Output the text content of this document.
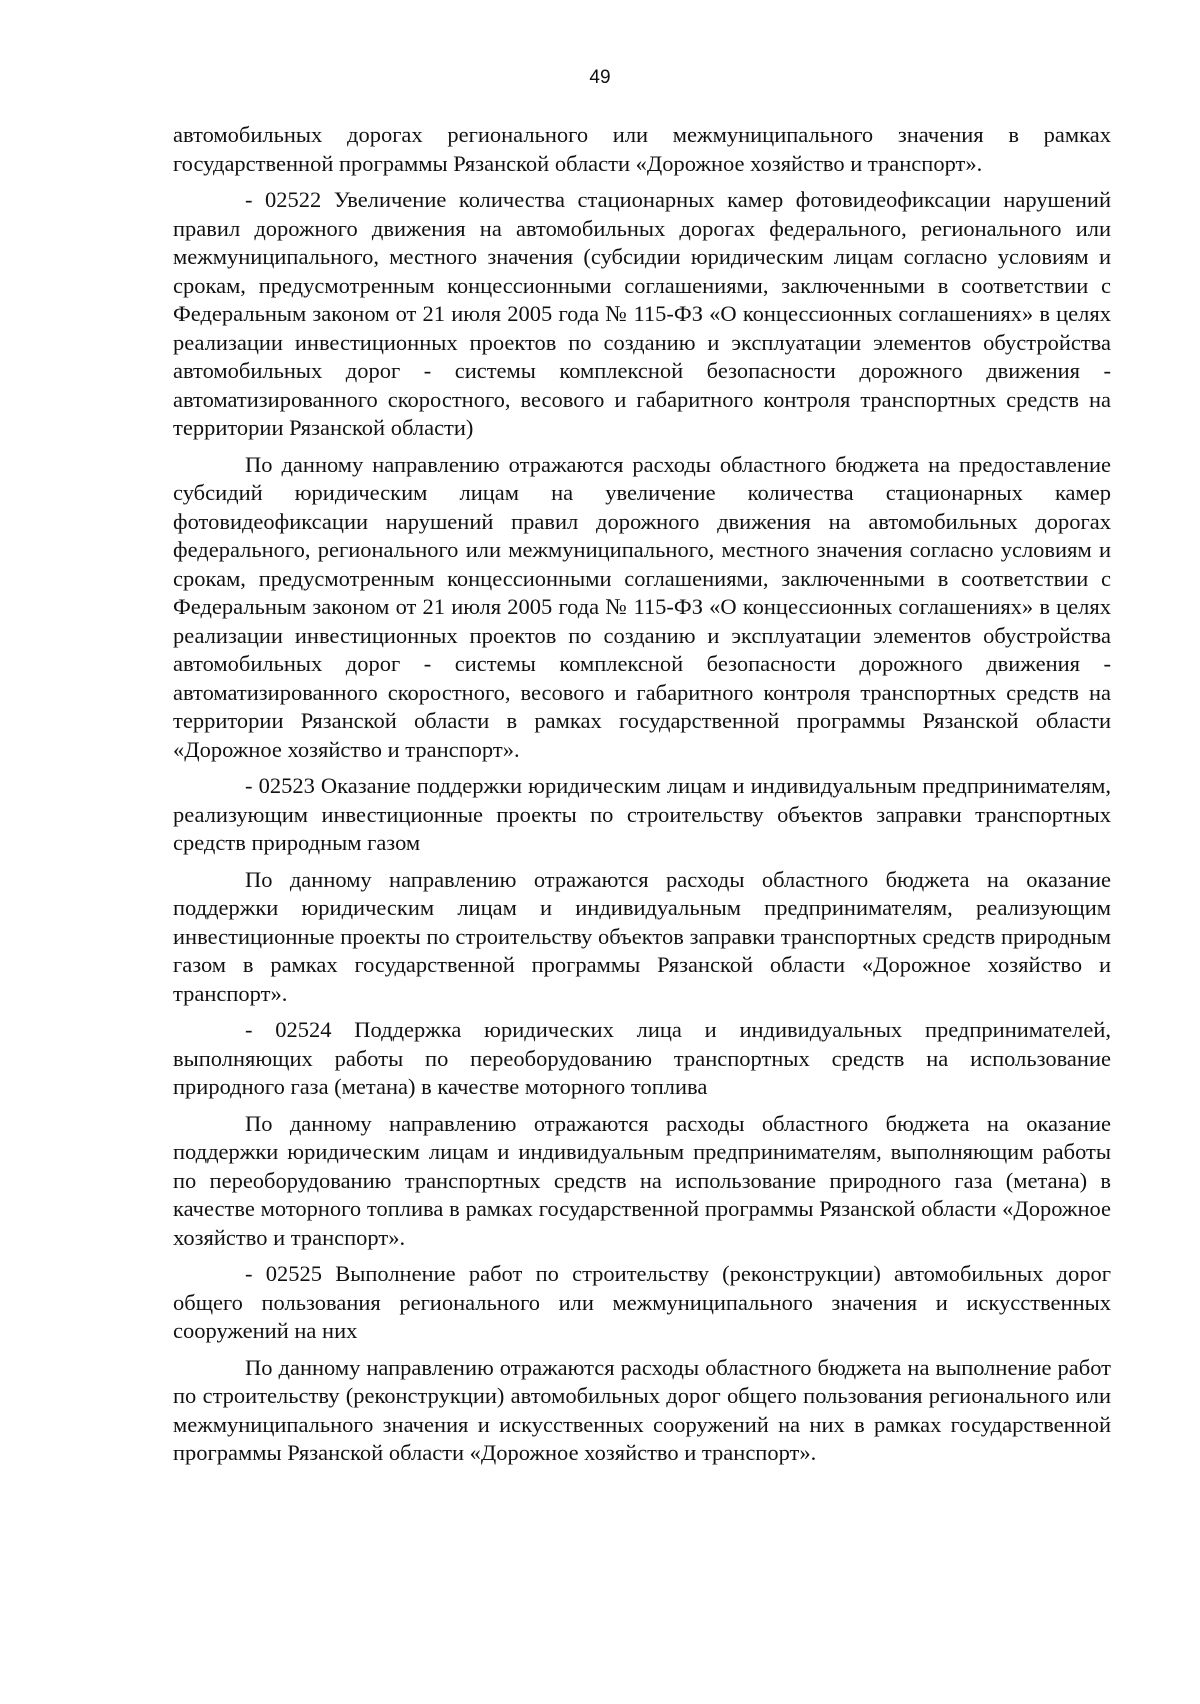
49

автомобильных дорогах регионального или межмуниципального значения в рамках государственной программы Рязанской области «Дорожное хозяйство и транспорт».

- 02522 Увеличение количества стационарных камер фотовидеофиксации нарушений правил дорожного движения на автомобильных дорогах федерального, регионального или межмуниципального, местного значения (субсидии юридическим лицам согласно условиям и срокам, предусмотренным концессионными соглашениями, заключенными в соответствии с Федеральным законом от 21 июля 2005 года № 115-ФЗ «О концессионных соглашениях» в целях реализации инвестиционных проектов по созданию и эксплуатации элементов обустройства автомобильных дорог - системы комплексной безопасности дорожного движения - автоматизированного скоростного, весового и габаритного контроля транспортных средств на территории Рязанской области)

По данному направлению отражаются расходы областного бюджета на предоставление субсидий юридическим лицам на увеличение количества стационарных камер фотовидеофиксации нарушений правил дорожного движения на автомобильных дорогах федерального, регионального или межмуниципального, местного значения согласно условиям и срокам, предусмотренным концессионными соглашениями, заключенными в соответствии с Федеральным законом от 21 июля 2005 года № 115-ФЗ «О концессионных соглашениях» в целях реализации инвестиционных проектов по созданию и эксплуатации элементов обустройства автомобильных дорог - системы комплексной безопасности дорожного движения - автоматизированного скоростного, весового и габаритного контроля транспортных средств на территории Рязанской области в рамках государственной программы Рязанской области «Дорожное хозяйство и транспорт».

- 02523 Оказание поддержки юридическим лицам и индивидуальным предпринимателям, реализующим инвестиционные проекты по строительству объектов заправки транспортных средств природным газом

По данному направлению отражаются расходы областного бюджета на оказание поддержки юридическим лицам и индивидуальным предпринимателям, реализующим инвестиционные проекты по строительству объектов заправки транспортных средств природным газом в рамках государственной программы Рязанской области «Дорожное хозяйство и транспорт».

- 02524 Поддержка юридических лица и индивидуальных предпринимателей, выполняющих работы по переоборудованию транспортных средств на использование природного газа (метана) в качестве моторного топлива

По данному направлению отражаются расходы областного бюджета на оказание поддержки юридическим лицам и индивидуальным предпринимателям, выполняющим работы по переоборудованию транспортных средств на использование природного газа (метана) в качестве моторного топлива в рамках государственной программы Рязанской области «Дорожное хозяйство и транспорт».

- 02525 Выполнение работ по строительству (реконструкции) автомобильных дорог общего пользования регионального или межмуниципального значения и искусственных сооружений на них

По данному направлению отражаются расходы областного бюджета на выполнение работ по строительству (реконструкции) автомобильных дорог общего пользования регионального или межмуниципального значения и искусственных сооружений на них в рамках государственной программы Рязанской области «Дорожное хозяйство и транспорт».
